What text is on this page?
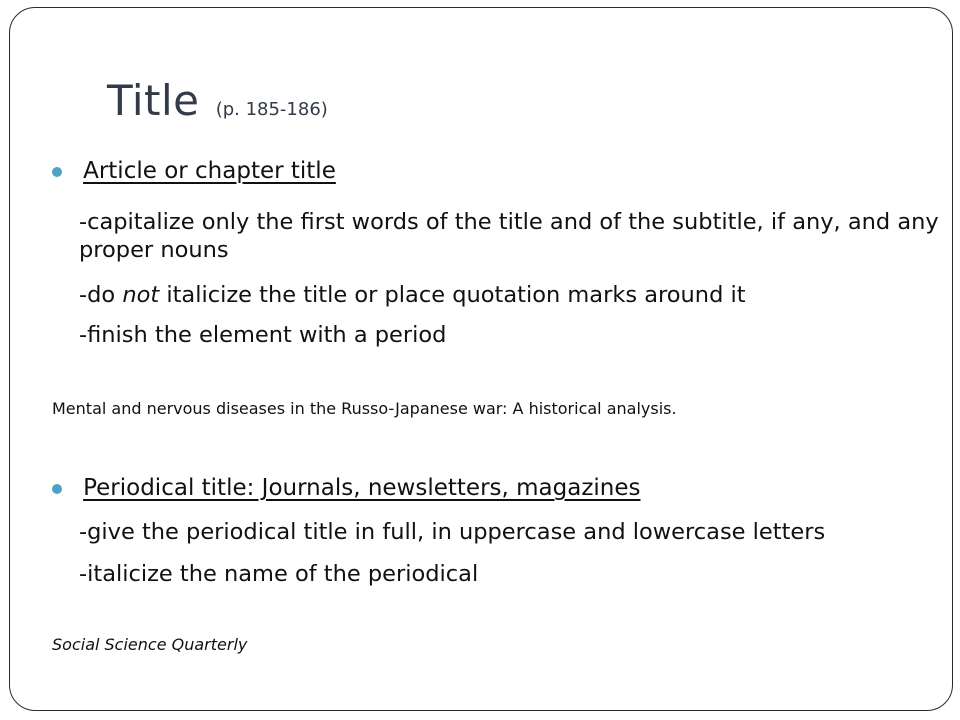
Title (p. 185-186)
Article or chapter title

-capitalize only the first words of the title and of the subtitle, if any, and any proper nouns

-do not italicize the title or place quotation marks around it

-finish the element with a period

Mental and nervous diseases in the Russo-Japanese war: A historical analysis.

Periodical title: Journals, newsletters, magazines

-give the periodical title in full, in uppercase and lowercase letters

-italicize the name of the periodical

Social Science Quarterly
